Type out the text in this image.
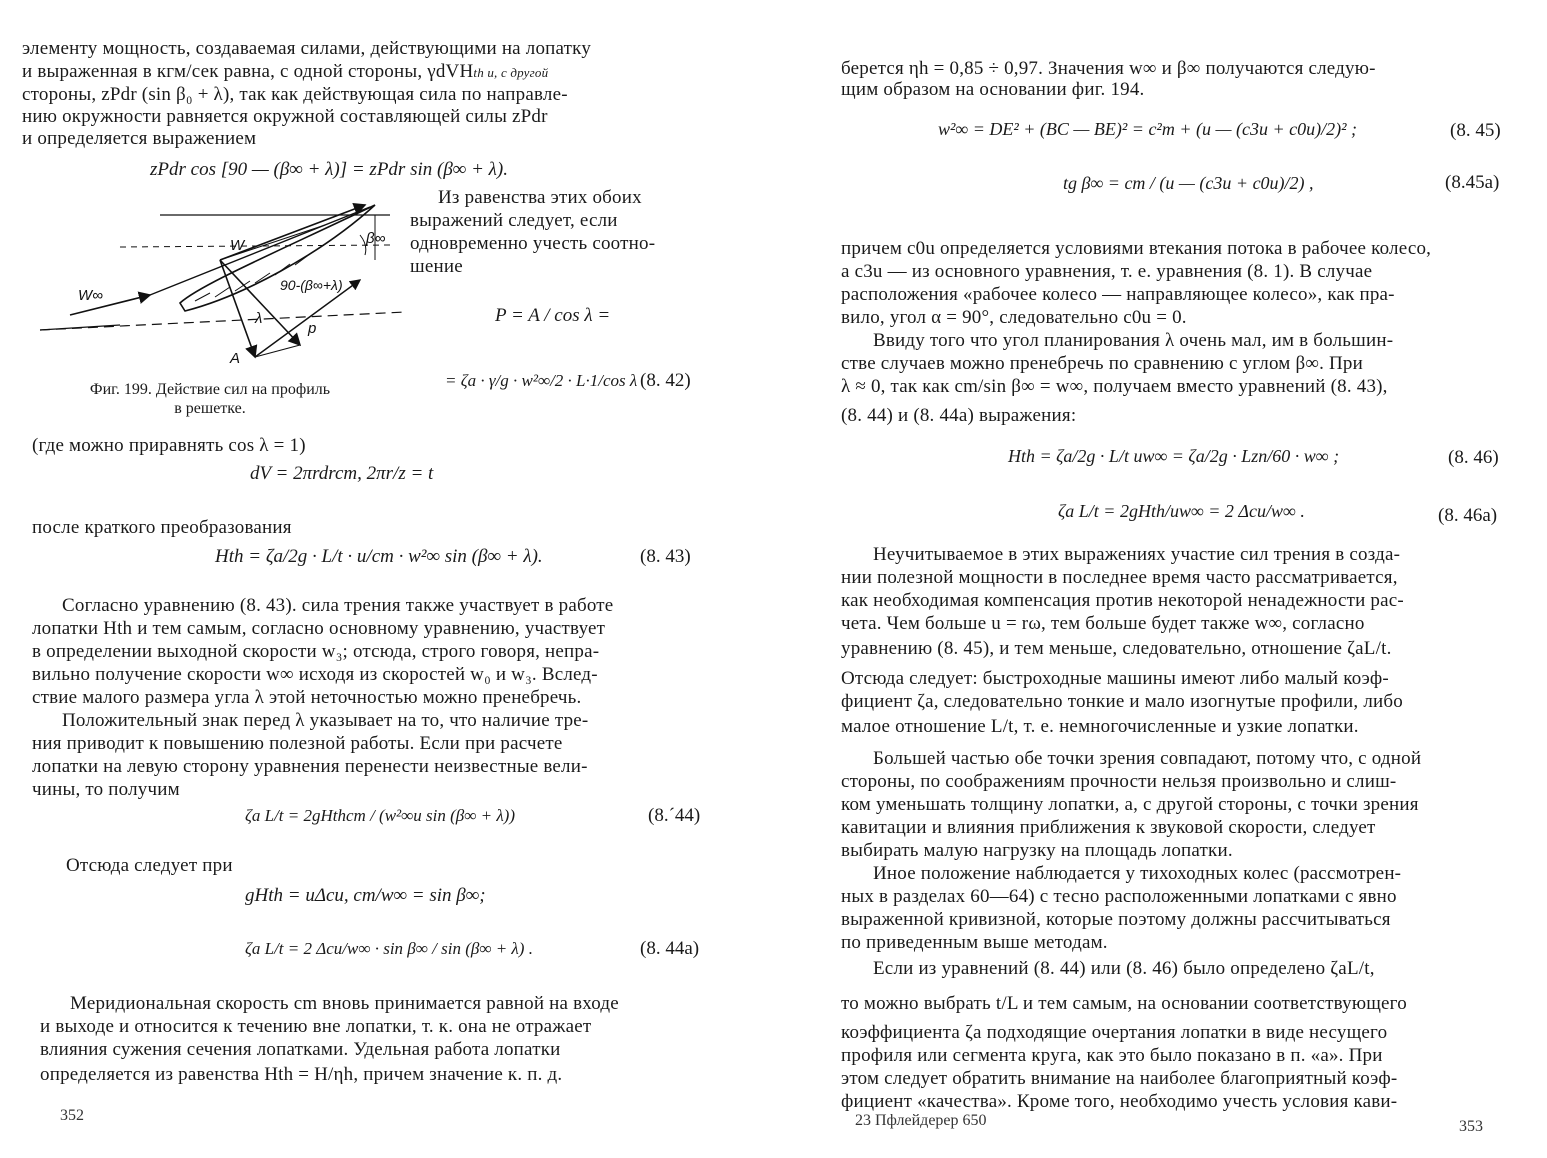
элементу мощность, создаваемая силами, действующими на лопатку
и выраженная в кгм/сек равна, с одной стороны, γdVHth и, с другой
стороны, zPdr (sin β₀ + λ), так как действующая сила по направле-
нию окружности равняется окружной составляющей силы zPdr
и определяется выражением
zPdr cos [90 — (β∞ + λ)] = zPdr sin (β∞ + λ).
Из равенства этих обоих
выражений следует, если
одновременно учесть соотно-
шение
P = A / cos λ =
= ζa · γ/g · w²∞/2 · L·1/cos λ (8. 42)
W∞
W	β∞
90-(β∞+λ)
λ
p
A
Фиг. 199. Действие сил на профиль
в решетке.
(где можно приравнять cos λ = 1)
dV = 2πrdrcm, 2πr/z = t
после краткого преобразования
Hth = ζa/2g · L/t · u/cm · w²∞ sin (β∞ + λ).	(8. 43)
Согласно уравнению (8. 43). сила трения также участвует в работе
лопатки Hth и тем самым, согласно основному уравнению, участвует
в определении выходной скорости w₃; отсюда, строго говоря, непра-
вильно получение скорости w∞ исходя из скоростей w₀ и w₃. Вслед-
ствие малого размера угла λ этой неточностью можно пренебречь.
Положительный знак перед λ указывает на то, что наличие тре-
ния приводит к повышению полезной работы. Если при расчете
лопатки на левую сторону уравнения перенести неизвестные вели-
чины, то получим
ζa L/t = 2gHthcm / (w²∞u sin (β∞ + λ))	(8.´44)
Отсюда следует при
gHth = uΔcu, cm/w∞ = sin β∞;
ζa L/t = 2 Δcu/w∞ · sin β∞ / sin (β∞ + λ) .	(8. 44a)
Меридиональная скорость cm вновь принимается равной на входе
и выходе и относится к течению вне лопатки, т. к. она не отражает
влияния сужения сечения лопатками. Удельная работа лопатки
определяется из равенства Hth = H/ηh, причем значение к. п. д.
352
берется ηh = 0,85 ÷ 0,97. Значения w∞ и β∞ получаются следую-
щим образом на основании фиг. 194.
w²∞ = DE² + (BC — BE)² = c²m + (u — (c3u + c0u)/2)² ;	(8. 45)
tg β∞ = cm / (u — (c3u + c0u)/2) ,	(8.45a)
причем c0u определяется условиями втекания потока в рабочее колесо,
а c3u — из основного уравнения, т. е. уравнения (8. 1). В случае
расположения «рабочее колесо — направляющее колесо», как пра-
вило, угол α = 90°, следовательно c0u = 0.
Ввиду того что угол планирования λ очень мал, им в большин-
стве случаев можно пренебречь по сравнению с углом β∞. При
λ ≈ 0, так как cm/sin β∞ = w∞, получаем вместо уравнений (8. 43),
(8. 44) и (8. 44a) выражения:
Hth = ζa/2g · L/t uw∞ = ζa/2g · Lzn/60 · w∞ ;	(8. 46)
ζa L/t = 2gHth/uw∞ = 2 Δcu/w∞ .	(8. 46a)
Неучитываемое в этих выражениях участие сил трения в созда-
нии полезной мощности в последнее время часто рассматривается,
как необходимая компенсация против некоторой ненадежности рас-
чета. Чем больше u = rω, тем больше будет также w∞, согласно
уравнению (8. 45), и тем меньше, следовательно, отношение ζaL/t.
Отсюда следует: быстроходные машины имеют либо малый коэф-
фициент ζa, следовательно тонкие и мало изогнутые профили, либо
малое отношение L/t, т. е. немногочисленные и узкие лопатки.
Большей частью обе точки зрения совпадают, потому что, с одной
стороны, по соображениям прочности нельзя произвольно и слиш-
ком уменьшать толщину лопатки, а, с другой стороны, с точки зрения
кавитации и влияния приближения к звуковой скорости, следует
выбирать малую нагрузку на площадь лопатки.
Иное положение наблюдается у тихоходных колес (рассмотрен-
ных в разделах 60—64) с тесно расположенными лопатками с явно
выраженной кривизной, которые поэтому должны рассчитываться
по приведенным выше методам.
Если из уравнений (8. 44) или (8. 46) было определено ζaL/t,
то можно выбрать t/L и тем самым, на основании соответствующего
коэффициента ζa подходящие очертания лопатки в виде несущего
профиля или сегмента круга, как это было показано в п. «а». При
этом следует обратить внимание на наиболее благоприятный коэф-
фициент «качества». Кроме того, необходимо учесть условия кави-
23 Пфлейдерер 650	353
